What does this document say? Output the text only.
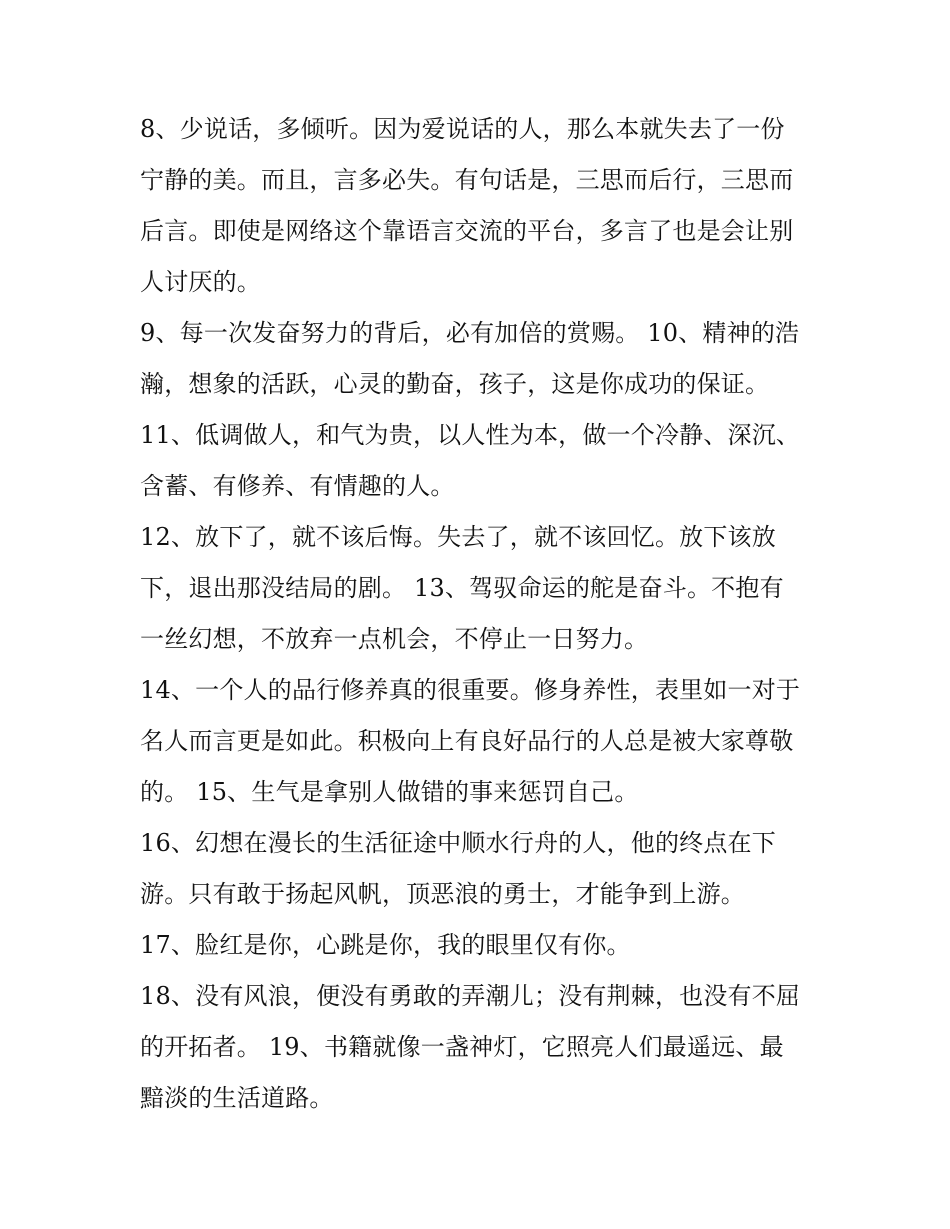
8、少说话，多倾听。因为爱说话的人，那么本就失去了一份
宁静的美。而且，言多必失。有句话是，三思而后行，三思而
后言。即使是网络这个靠语言交流的平台，多言了也是会让别
人讨厌的。
9、每一次发奋努力的背后，必有加倍的赏赐。 10、精神的浩
瀚，想象的活跃，心灵的勤奋，孩子，这是你成功的保证。
11、低调做人，和气为贵，以人性为本，做一个冷静、深沉、
含蓄、有修养、有情趣的人。
12、放下了，就不该后悔。失去了，就不该回忆。放下该放
下，退出那没结局的剧。 13、驾驭命运的舵是奋斗。不抱有
一丝幻想，不放弃一点机会，不停止一日努力。
14、一个人的品行修养真的很重要。修身养性，表里如一对于
名人而言更是如此。积极向上有良好品行的人总是被大家尊敬
的。 15、生气是拿别人做错的事来惩罚自己。
16、幻想在漫长的生活征途中顺水行舟的人，他的终点在下
游。只有敢于扬起风帆，顶恶浪的勇士，才能争到上游。
17、脸红是你，心跳是你，我的眼里仅有你。
18、没有风浪，便没有勇敢的弄潮儿；没有荆棘，也没有不屈
的开拓者。 19、书籍就像一盏神灯，它照亮人们最遥远、最
黯淡的生活道路。
